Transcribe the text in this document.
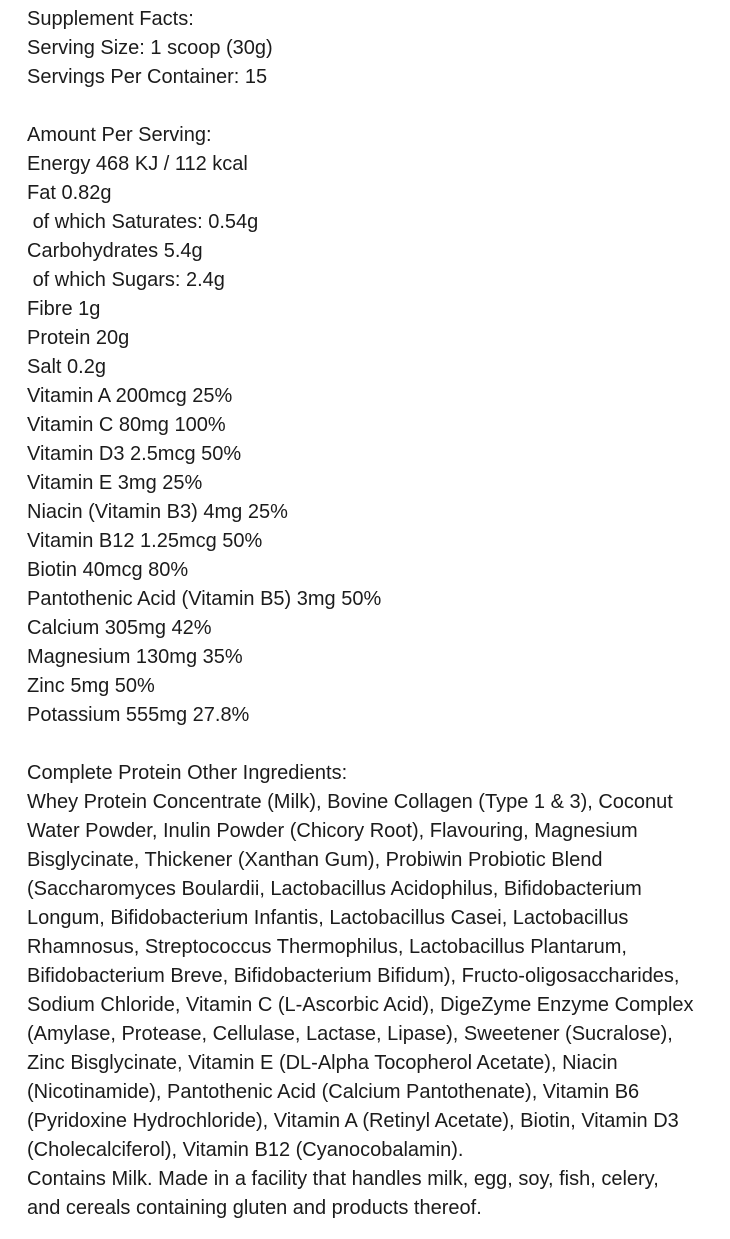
Supplement Facts:
Serving Size: 1 scoop (30g)
Servings Per Container: 15
Amount Per Serving:
Energy 468 KJ / 112 kcal
Fat 0.82g
of which Saturates: 0.54g
Carbohydrates 5.4g
of which Sugars: 2.4g
Fibre 1g
Protein 20g
Salt 0.2g
Vitamin A 200mcg 25%
Vitamin C 80mg 100%
Vitamin D3 2.5mcg 50%
Vitamin E 3mg 25%
Niacin (Vitamin B3) 4mg 25%
Vitamin B12 1.25mcg 50%
Biotin 40mcg 80%
Pantothenic Acid (Vitamin B5) 3mg 50%
Calcium 305mg 42%
Magnesium 130mg 35%
Zinc 5mg 50%
Potassium 555mg 27.8%
Complete Protein Other Ingredients:
Whey Protein Concentrate (Milk), Bovine Collagen (Type 1 & 3), Coconut
Water Powder, Inulin Powder (Chicory Root), Flavouring, Magnesium
Bisglycinate, Thickener (Xanthan Gum), Probiwin Probiotic Blend
(Saccharomyces Boulardii, Lactobacillus Acidophilus, Bifidobacterium
Longum, Bifidobacterium Infantis, Lactobacillus Casei, Lactobacillus
Rhamnosus, Streptococcus Thermophilus, Lactobacillus Plantarum,
Bifidobacterium Breve, Bifidobacterium Bifidum), Fructo-oligosaccharides,
Sodium Chloride, Vitamin C (L-Ascorbic Acid), DigeZyme Enzyme Complex
(Amylase, Protease, Cellulase, Lactase, Lipase), Sweetener (Sucralose),
Zinc Bisglycinate, Vitamin E (DL-Alpha Tocopherol Acetate), Niacin
(Nicotinamide), Pantothenic Acid (Calcium Pantothenate), Vitamin B6
(Pyridoxine Hydrochloride), Vitamin A (Retinyl Acetate), Biotin, Vitamin D3
(Cholecalciferol), Vitamin B12 (Cyanocobalamin).
Contains Milk. Made in a facility that handles milk, egg, soy, fish, celery,
and cereals containing gluten and products thereof.
